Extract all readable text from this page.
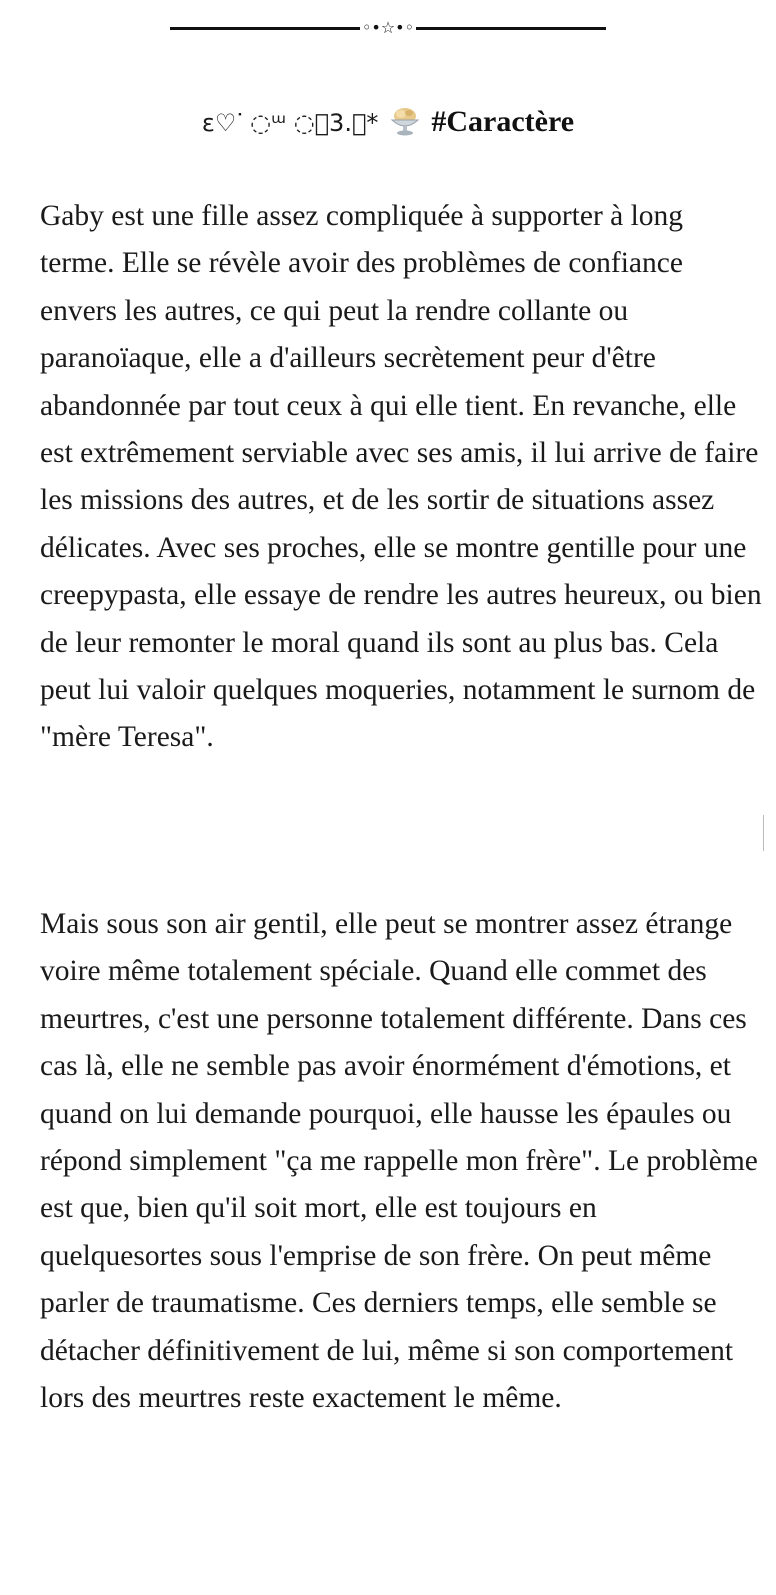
◦•☆•◦
ε♡ᐝ ◌ᵚ ◌ᷦ3.⑅* #Caractère

Gaby est une fille assez compliquée à supporter à long terme. Elle se révèle avoir des problèmes de confiance envers les autres, ce qui peut la rendre collante ou paranoïaque, elle a d'ailleurs secrètement peur d'être abandonnée par tout ceux à qui elle tient. En revanche, elle est extrêmement serviable avec ses amis, il lui arrive de faire les missions des autres, et de les sortir de situations assez délicates. Avec ses proches, elle se montre gentille pour une creepypasta, elle essaye de rendre les autres heureux, ou bien de leur remonter le moral quand ils sont au plus bas. Cela peut lui valoir quelques moqueries, notamment le surnom de "mère Teresa".

Mais sous son air gentil, elle peut se montrer assez étrange voire même totalement spéciale. Quand elle commet des meurtres, c'est une personne totalement différente. Dans ces cas là, elle ne semble pas avoir énormément d'émotions, et quand on lui demande pourquoi, elle hausse les épaules ou répond simplement "ça me rappelle mon frère". Le problème est que, bien qu'il soit mort, elle est toujours en quelquesortes sous l'emprise de son frère. On peut même parler de traumatisme. Ces derniers temps, elle semble se détacher définitivement de lui, même si son comportement lors des meurtres reste exactement le même.
